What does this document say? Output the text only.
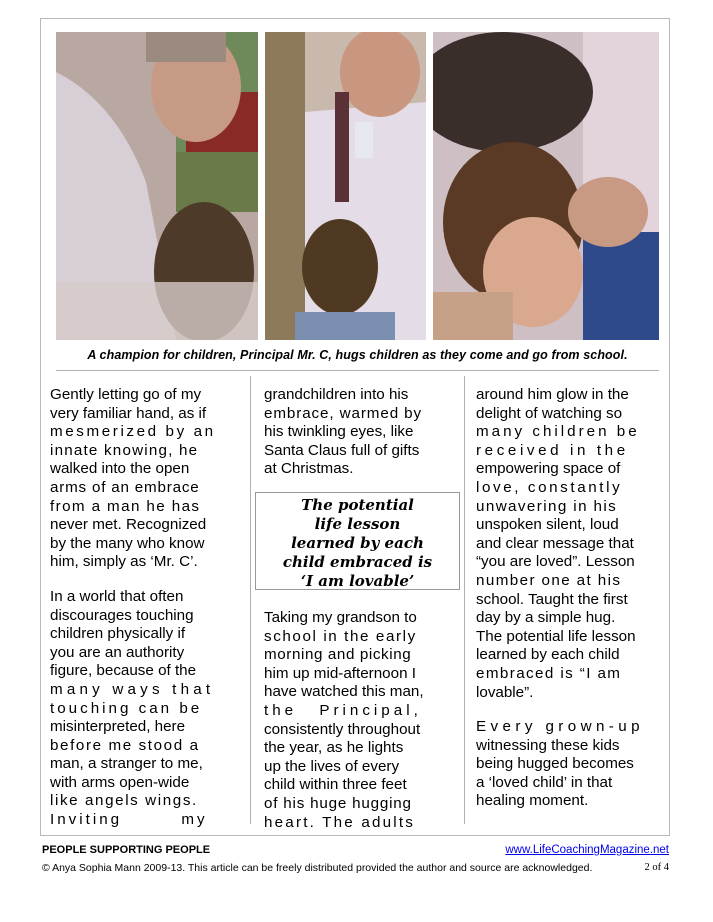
A champion for children, Principal Mr. C, hugs children as they come and go from school.

Gently letting go of my

very familiar hand, as if

mesmerized by an

innate knowing, he

walked into the open

arms of an embrace

from a man he has

never met. Recognized

by the many who know

him, simply as ‘Mr. C’.

In a world that often

discourages touching

children physically if

you are an authority

figure, because of the

many ways that

touching can be

misinterpreted, here

before me stood a

man, a stranger to me,

with arms open-wide

like angels wings.

Inviting my

grandchildren into his

embrace, warmed by

his twinkling eyes, like

Santa Claus full of gifts

at Christmas.

The potential
life lesson
learned by each
child embraced is
‘I am lovable’

Taking my grandson to

school in the early

morning and picking

him up mid-afternoon I

have watched this man,

the Principal,

consistently throughout

the year, as he lights

up the lives of every

child within three feet

of his huge hugging

heart. The adults

around him glow in the

delight of watching so

many children be

received in the

empowering space of

love, constantly

unwavering in his

unspoken silent, loud

and clear message that

“you are loved”. Lesson

number one at his

school. Taught the first

day by a simple hug.

The potential life lesson

learned by each child

embraced is “I am

lovable”.

Every grown-up

witnessing these kids

being hugged becomes

a ‘loved child’ in that

healing moment.

PEOPLE SUPPORTING PEOPLE	www.LifeCoachingMagazine.net
© Anya Sophia Mann 2009-13. This article can be freely distributed provided the author and source are acknowledged.	2 of 4
